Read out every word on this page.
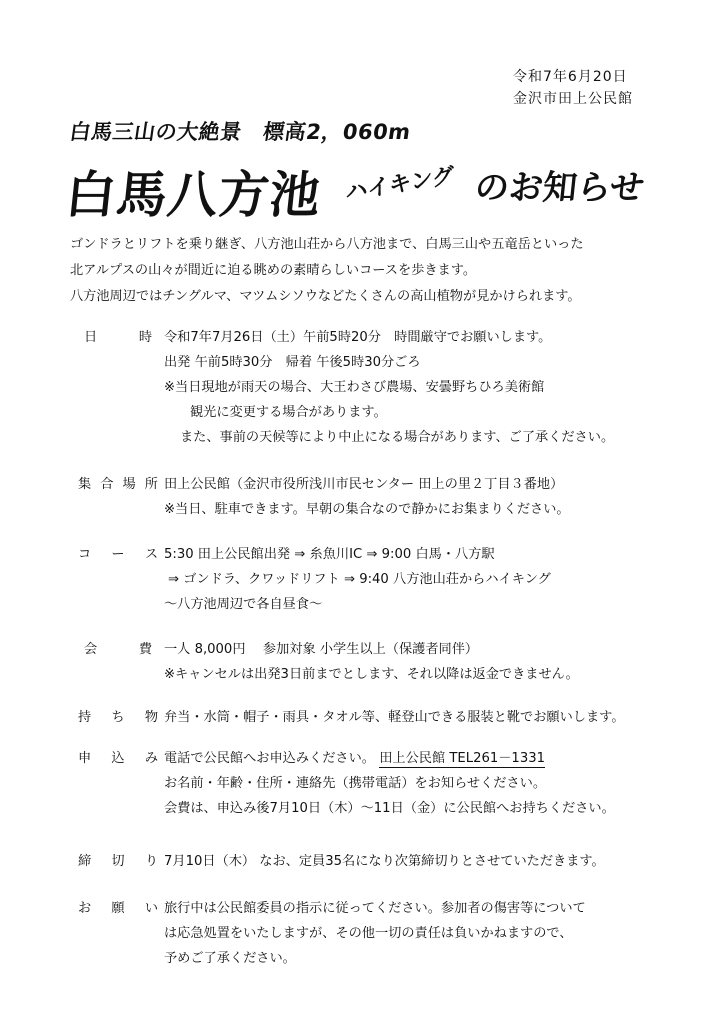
令和7年6月20日
金沢市田上公民館
白馬三山の大絶景　標高2，060m
白馬八方池 ハイキング のお知らせ
ゴンドラとリフトを乗り継ぎ、八方池山荘から八方池まで、白馬三山や五竜岳といった
北アルプスの山々が間近に迫る眺めの素晴らしいコースを歩きます。
八方池周辺ではチングルマ、マツムシソウなどたくさんの高山植物が見かけられます。
日	時 令和7年7月26日（土）午前5時20分　時間厳守でお願いします。
出発 午前5時30分　帰着 午後5時30分ごろ
※当日現地が雨天の場合、大王わさび農場、安曇野ちひろ美術館
観光に変更する場合があります。
また、事前の天候等により中止になる場合があります、ご了承ください。
集 合 場 所 田上公民館（金沢市役所浅川市民センター 田上の里２丁目３番地）
※当日、駐車できます。早朝の集合なので静かにお集まりください。
コ ー ス 5:30 田上公民館出発 ⇒ 糸魚川IC ⇒ 9:00 白馬・八方駅
⇒ ゴンドラ、クワッドリフト ⇒ 9:40 八方池山荘からハイキング
～八方池周辺で各自昼食～
会	費 一人 8,000円　 参加対象 小学生以上（保護者同伴）
※キャンセルは出発3日前までとします、それ以降は返金できません。
持 ち 物 弁当・水筒・帽子・雨具・タオル等、軽登山できる服装と靴でお願いします。
申 込 み 電話で公民館へお申込みください。 田上公民館 TEL261－1331
お名前・年齢・住所・連絡先（携帯電話）をお知らせください。
会費は、申込み後7月10日（木）～11日（金）に公民館へお持ちください。
締 切 り 7月10日（木） なお、定員35名になり次第締切りとさせていただきます。
お 願 い 旅行中は公民館委員の指示に従ってください。参加者の傷害等について
は応急処置をいたしますが、その他一切の責任は負いかねますので、
予めご了承ください。
